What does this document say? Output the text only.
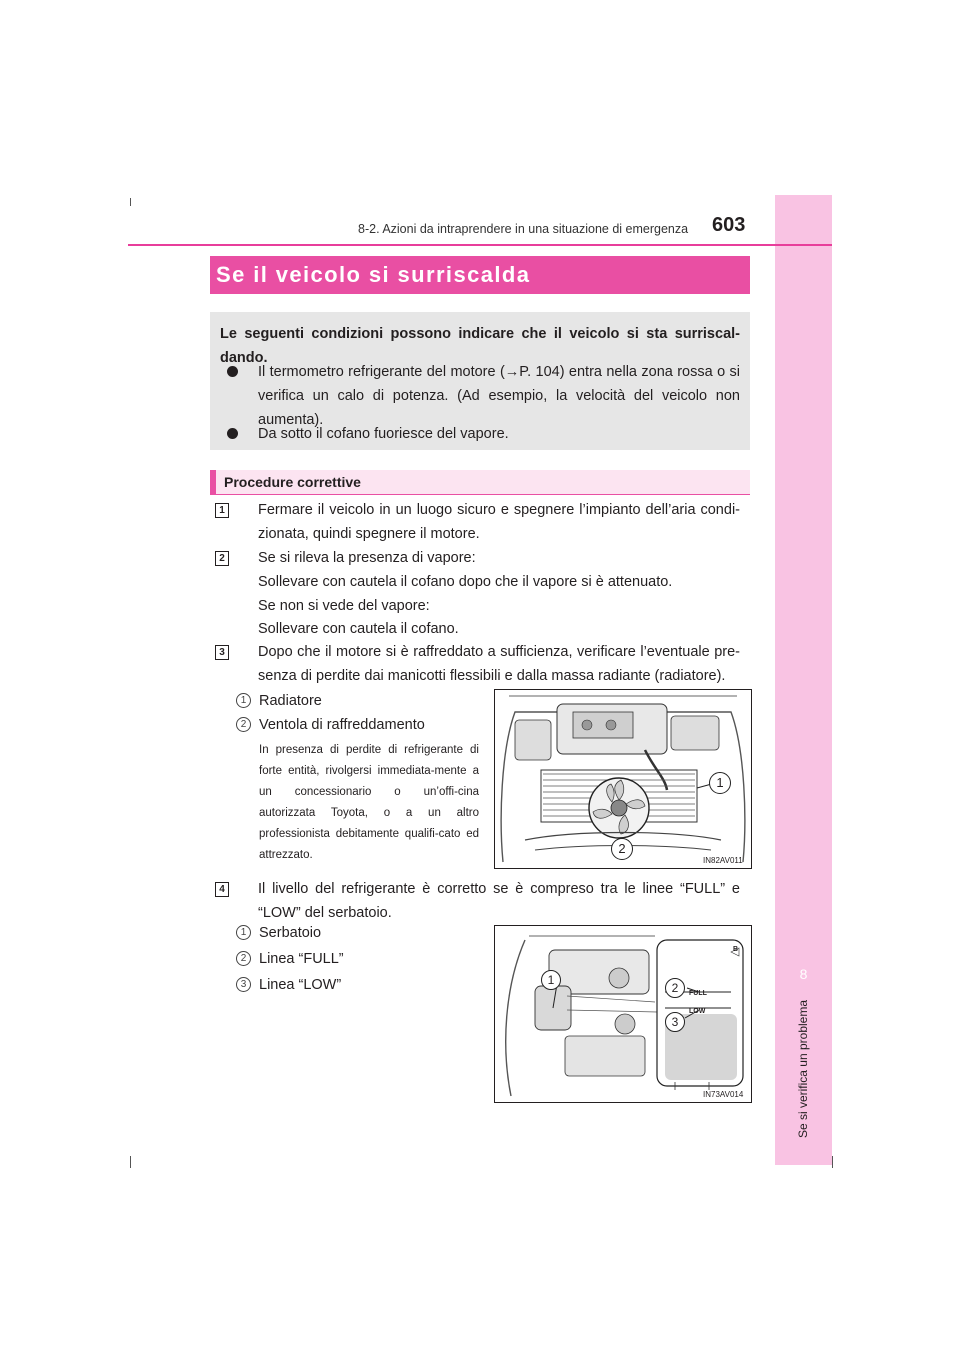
8
Se si verifica un problema
8-2. Azioni da intraprendere in una situazione di emergenza 603
Se il veicolo si surriscalda
Le seguenti condizioni possono indicare che il veicolo si sta surriscal-dando.
Il termometro refrigerante del motore (→P. 104) entra nella zona rossa o si verifica un calo di potenza. (Ad esempio, la velocità del veicolo non aumenta).
Da sotto il cofano fuoriesce del vapore.
Procedure correttive
1 Fermare il veicolo in un luogo sicuro e spegnere l’impianto dell’aria condi-zionata, quindi spegnere il motore.
2 Se si rileva la presenza di vapore:
Sollevare con cautela il cofano dopo che il vapore si è attenuato.
Se non si vede del vapore:
Sollevare con cautela il cofano.
3 Dopo che il motore si è raffreddato a sufficienza, verificare l’eventuale pre-senza di perdite dai manicotti flessibili e dalla massa radiante (radiatore).
1 Radiatore
2 Ventola di raffreddamento
In presenza di perdite di refrigerante di forte entità, rivolgersi immediata-mente a un concessionario o un’offi-cina autorizzata Toyota, o a un altro professionista debitamente qualifi-cato ed attrezzato.
1
2
IN82AV011
4 Il livello del refrigerante è corretto se è compreso tra le linee “FULL” e “LOW” del serbatoio.
1 Serbatoio
2 Linea “FULL”
3 Linea “LOW”
FULL
LOW
B
1
2
3
IN73AV014
